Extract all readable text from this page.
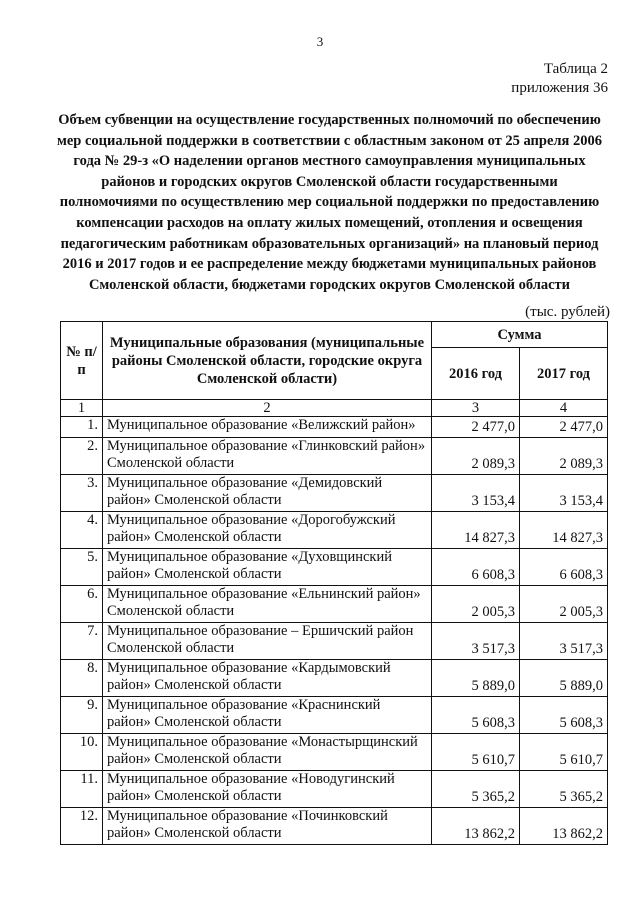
3
Таблица 2
приложения 36
Объем субвенции на осуществление государственных полномочий по обеспечению мер социальной поддержки в соответствии с областным законом от 25 апреля 2006 года № 29-з «О наделении органов местного самоуправления муниципальных районов и городских округов Смоленской области государственными полномочиями по осуществлению мер социальной поддержки по предоставлению компенсации расходов на оплату жилых помещений, отопления и освещения педагогическим работникам образовательных организаций» на плановый период 2016 и 2017 годов и ее распределение между бюджетами муниципальных районов Смоленской области, бюджетами городских округов Смоленской области
(тыс. рублей)
№ п/п	Муниципальные образования (муниципальные районы Смоленской области, городские округа Смоленской области)	Сумма	
		2016 год	2017 год
1	2	3	4
1.	Муниципальное образование «Велижский район»	2 477,0	2 477,0
2.	Муниципальное образование «Глинковский район» Смоленской области	2 089,3	2 089,3
3.	Муниципальное образование «Демидовский район» Смоленской области	3 153,4	3 153,4
4.	Муниципальное образование «Дорогобужский район» Смоленской области	14 827,3	14 827,3
5.	Муниципальное образование «Духовщинский район» Смоленской области	6 608,3	6 608,3
6.	Муниципальное образование «Ельнинский район» Смоленской области	2 005,3	2 005,3
7.	Муниципальное образование – Ершичский район Смоленской области	3 517,3	3 517,3
8.	Муниципальное образование «Кардымовский район» Смоленской области	5 889,0	5 889,0
9.	Муниципальное образование «Краснинский район» Смоленской области	5 608,3	5 608,3
10.	Муниципальное образование «Монастырщинский район» Смоленской области	5 610,7	5 610,7
11.	Муниципальное образование «Новодугинский район» Смоленской области	5 365,2	5 365,2
12.	Муниципальное образование «Починковский район» Смоленской области	13 862,2	13 862,2
